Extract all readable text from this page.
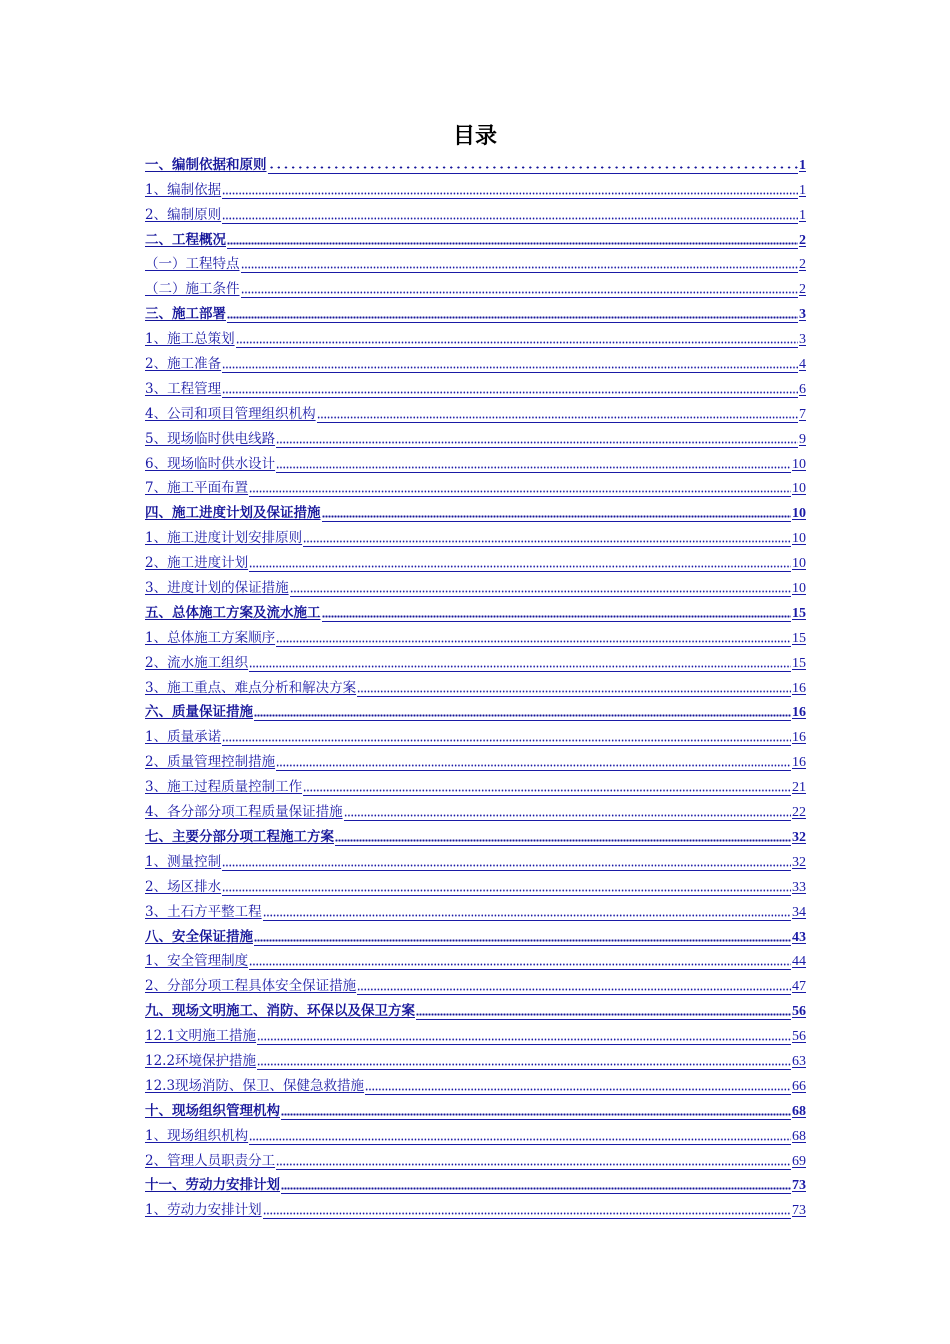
目录
一、编制依据和原则	1
1、编制依据	1
2、编制原则	1
二、工程概况	2
（一）工程特点	2
（二）施工条件	2
三、施工部署	3
1、施工总策划	3
2、施工准备	4
3、工程管理	6
4、公司和项目管理组织机构	7
5、现场临时供电线路	9
6、现场临时供水设计	10
7、施工平面布置	10
四、施工进度计划及保证措施	10
1、施工进度计划安排原则	10
2、施工进度计划	10
3、进度计划的保证措施	10
五、总体施工方案及流水施工	15
1、总体施工方案顺序	15
2、流水施工组织	15
3、施工重点、难点分析和解决方案	16
六、质量保证措施	16
1、质量承诺	16
2、质量管理控制措施	16
3、施工过程质量控制工作	21
4、各分部分项工程质量保证措施	22
七、主要分部分项工程施工方案	32
1、测量控制	32
2、场区排水	33
3、土石方平整工程	34
八、安全保证措施	43
1、安全管理制度	44
2、分部分项工程具体安全保证措施	47
九、现场文明施工、消防、环保以及保卫方案	56
12.1文明施工措施	56
12.2环境保护措施	63
12.3现场消防、保卫、保健急救措施	66
十、现场组织管理机构	68
1、现场组织机构	68
2、管理人员职责分工	69
十一、劳动力安排计划	73
1、劳动力安排计划	73
